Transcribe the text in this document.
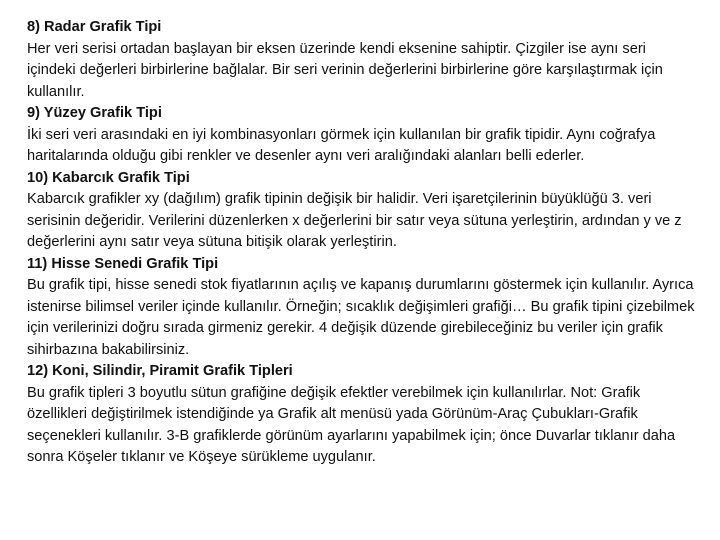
8) Radar Grafik Tipi

Her veri serisi ortadan başlayan bir eksen üzerinde kendi eksenine sahiptir. Çizgiler ise aynı seri içindeki değerleri birbirlerine bağlalar. Bir seri verinin değerlerini birbirlerine göre karşılaştırmak için kullanılır.

9) Yüzey Grafik Tipi

İki seri veri arasındaki en iyi kombinasyonları görmek için kullanılan bir grafik tipidir. Aynı coğrafya haritalarında olduğu gibi renkler ve desenler aynı veri aralığındaki alanları belli ederler.

10) Kabarcık Grafik Tipi

Kabarcık grafikler xy (dağılım) grafik tipinin değişik bir halidir. Veri işaretçilerinin büyüklüğü 3. veri serisinin değeridir. Verilerini düzenlerken x değerlerini bir satır veya sütuna yerleştirin, ardından y ve z değerlerini aynı satır veya sütuna bitişik olarak yerleştirin.

11) Hisse Senedi Grafik Tipi

Bu grafik tipi, hisse senedi stok fiyatlarının açılış ve kapanış durumlarını göstermek için kullanılır. Ayrıca istenirse bilimsel veriler içinde kullanılır. Örneğin; sıcaklık değişimleri grafiği… Bu grafik tipini çizebilmek için verilerinizi doğru sırada girmeniz gerekir. 4 değişik düzende girebileceğiniz bu veriler için grafik sihirbazına bakabilirsiniz.

12) Koni, Silindir, Piramit Grafik Tipleri

Bu grafik tipleri 3 boyutlu sütun grafiğine değişik efektler verebilmek için kullanılırlar. Not: Grafik özellikleri değiştirilmek istendiğinde ya Grafik alt menüsü yada Görünüm-Araç Çubukları-Grafik seçenekleri kullanılır. 3-B grafiklerde görünüm ayarlarını yapabilmek için; önce Duvarlar tıklanır daha sonra Köşeler tıklanır ve Köşeye sürükleme uygulanır.
